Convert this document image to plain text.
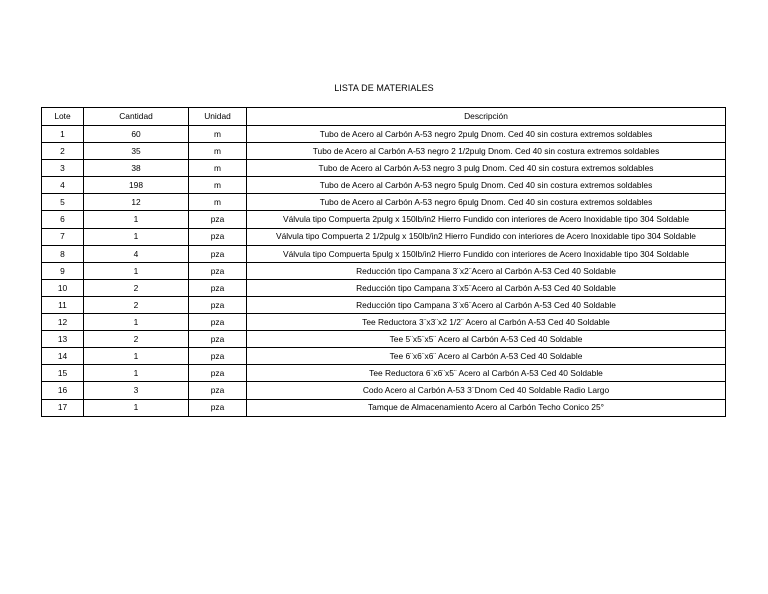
LISTA DE MATERIALES
Lote	Cantidad	Unidad	Descripción
1	60	m	Tubo de Acero al Carbón A-53 negro 2pulg Dnom. Ced 40 sin costura extremos soldables
2	35	m	Tubo de Acero al Carbón A-53 negro 2 1/2pulg Dnom. Ced 40 sin costura extremos soldables
3	38	m	Tubo de Acero al Carbón A-53 negro 3 pulg Dnom. Ced 40 sin costura extremos soldables
4	198	m	Tubo de Acero al Carbón A-53 negro 5pulg Dnom. Ced 40 sin costura extremos soldables
5	12	m	Tubo de Acero al Carbón A-53 negro 6pulg Dnom. Ced 40 sin costura extremos soldables
6	1	pza	Válvula tipo Compuerta 2pulg x 150lb/in2 Hierro Fundido con interiores de Acero Inoxidable tipo 304 Soldable
7	1	pza	Válvula tipo Compuerta 2 1/2pulg x 150lb/in2 Hierro Fundido con interiores de Acero Inoxidable tipo 304 Soldable
8	4	pza	Válvula tipo Compuerta 5pulg x 150lb/in2 Hierro Fundido con interiores de Acero Inoxidable tipo 304 Soldable
9	1	pza	Reducción tipo Campana 3¨x2¨Acero al Carbón A-53 Ced 40 Soldable
10	2	pza	Reducción tipo Campana 3¨x5¨Acero al Carbón A-53 Ced 40 Soldable
11	2	pza	Reducción tipo Campana 3¨x6¨Acero al Carbón A-53 Ced 40 Soldable
12	1	pza	Tee Reductora 3¨x3¨x2 1/2¨ Acero al Carbón A-53 Ced 40 Soldable
13	2	pza	Tee 5¨x5¨x5¨ Acero al Carbón A-53 Ced 40 Soldable
14	1	pza	Tee 6¨x6¨x6¨ Acero al Carbón A-53 Ced 40 Soldable
15	1	pza	Tee Reductora 6¨x6¨x5¨ Acero al Carbón A-53 Ced 40 Soldable
16	3	pza	Codo Acero al Carbón A-53 3¨Dnom Ced 40 Soldable Radio Largo
17	1	pza	Tamque de Almacenamiento Acero al Carbón Techo Conico 25°
